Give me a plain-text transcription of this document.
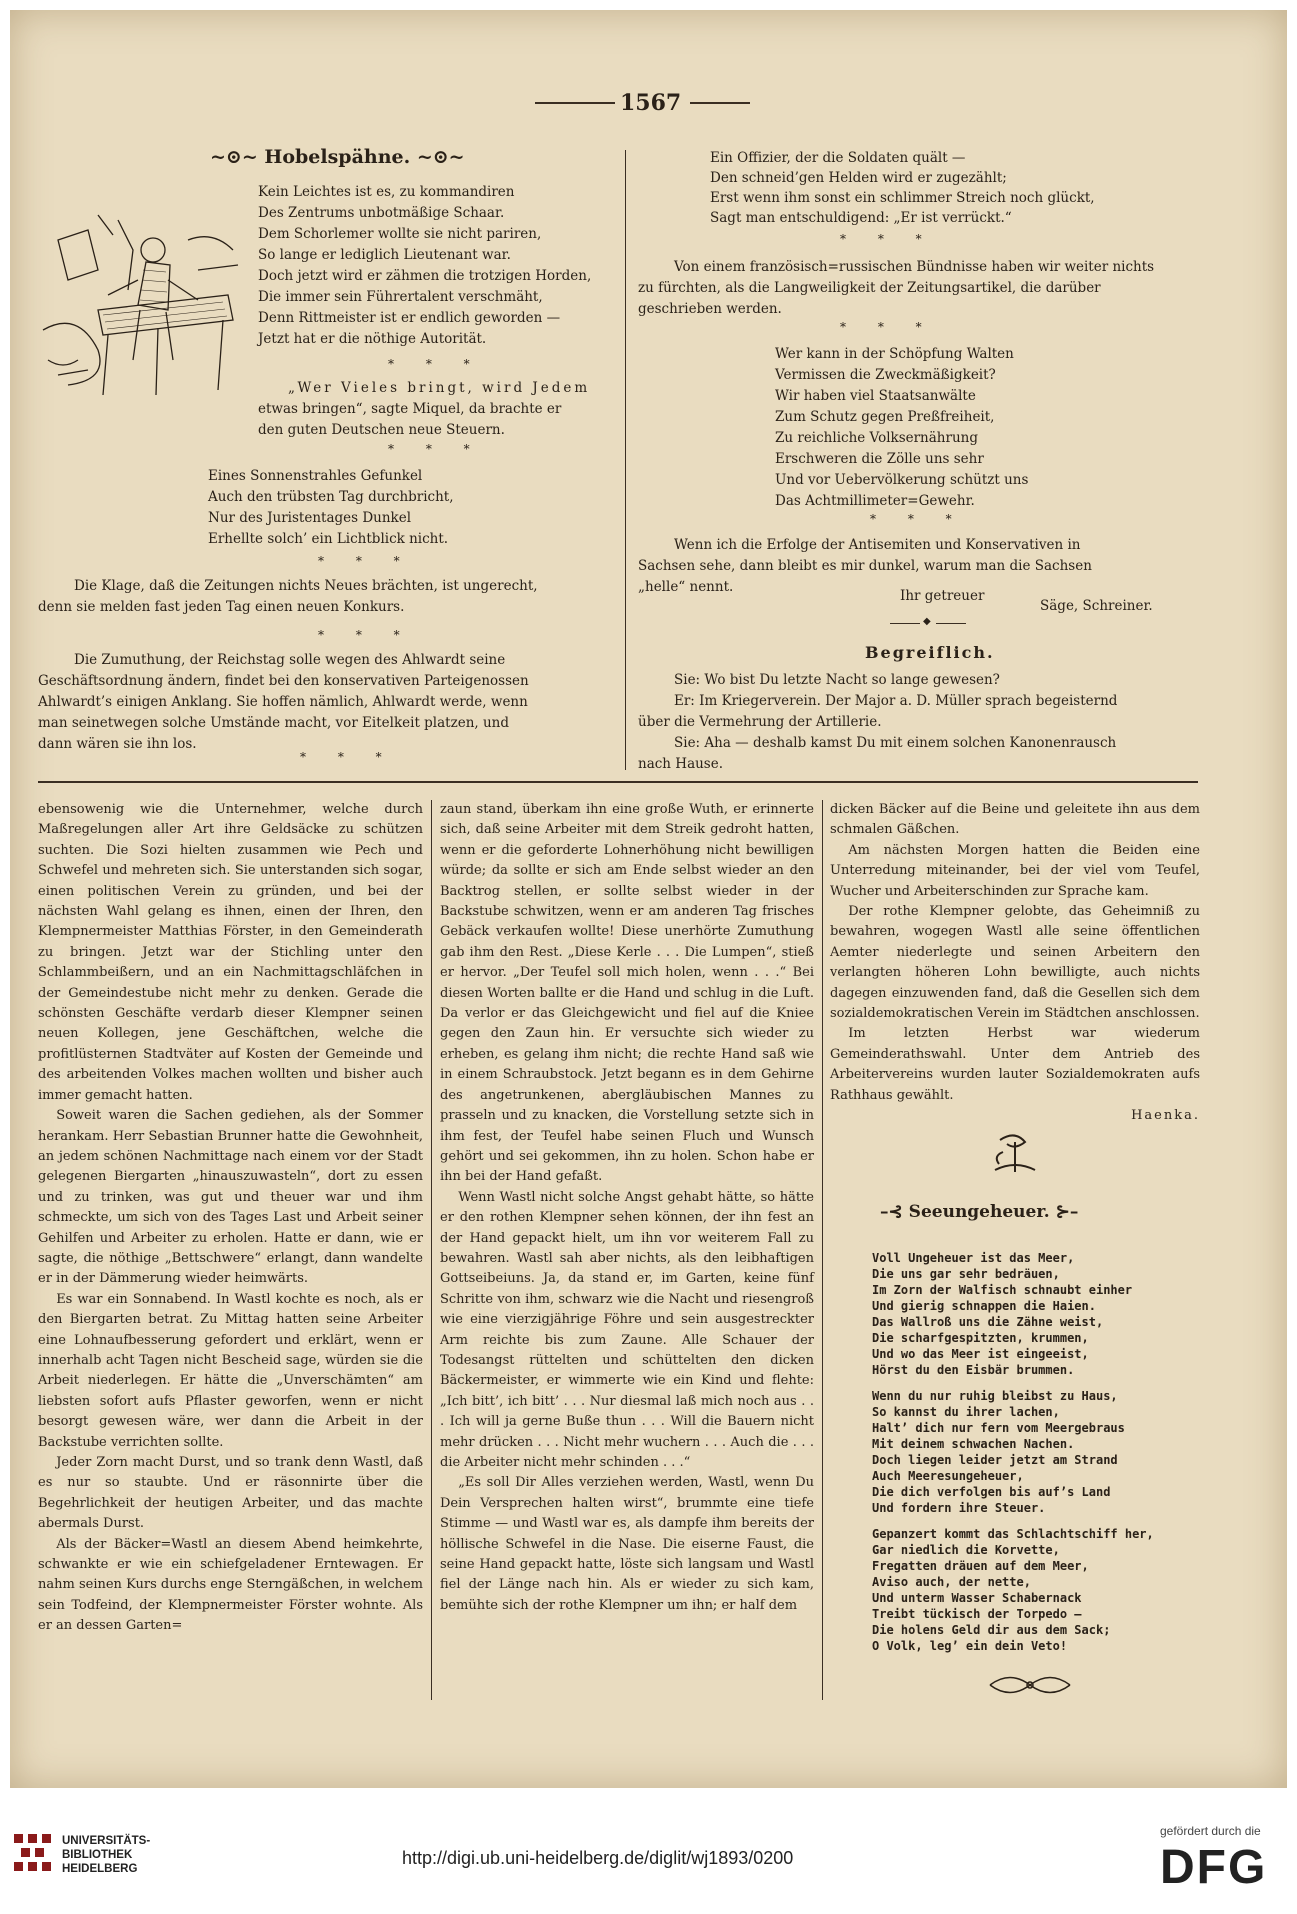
1567
~⊙~ Hobelspähne. ~⊙~
Kein Leichtes ist es, zu kommandiren
Des Zentrums unbotmäßige Schaar.
Dem Schorlemer wollte sie nicht pariren,
So lange er lediglich Lieutenant war.
Doch jetzt wird er zähmen die trotzigen Horden,
Die immer sein Führertalent verschmäht,
Denn Rittmeister ist er endlich geworden —
Jetzt hat er die nöthige Autorität.
* * *
„Wer Vieles bringt, wird Jedem
etwas bringen“, sagte Miquel, da brachte er
den guten Deutschen neue Steuern.
* * *
Eines Sonnenstrahles Gefunkel
Auch den trübsten Tag durchbricht,
Nur des Juristentages Dunkel
Erhellte solch’ ein Lichtblick nicht.
* * *
Die Klage, daß die Zeitungen nichts Neues brächten, ist ungerecht,
denn sie melden fast jeden Tag einen neuen Konkurs.
* * *
Die Zumuthung, der Reichstag solle wegen des Ahlwardt seine
Geschäftsordnung ändern, findet bei den konservativen Parteigenossen
Ahlwardt’s einigen Anklang. Sie hoffen nämlich, Ahlwardt werde, wenn
man seinetwegen solche Umstände macht, vor Eitelkeit platzen, und
dann wären sie ihn los.
* * *
Ein Offizier, der die Soldaten quält —
Den schneid’gen Helden wird er zugezählt;
Erst wenn ihm sonst ein schlimmer Streich noch glückt,
Sagt man entschuldigend: „Er ist verrückt.“
* * *
Von einem französisch=russischen Bündnisse haben wir weiter nichts
zu fürchten, als die Langweiligkeit der Zeitungsartikel, die darüber
geschrieben werden.
* * *
Wer kann in der Schöpfung Walten
Vermissen die Zweckmäßigkeit?
Wir haben viel Staatsanwälte
Zum Schutz gegen Preßfreiheit,
Zu reichliche Volksernährung
Erschweren die Zölle uns sehr
Und vor Uebervölkerung schützt uns
Das Achtmillimeter=Gewehr.
* * *
Wenn ich die Erfolge der Antisemiten und Konservativen in
Sachsen sehe, dann bleibt es mir dunkel, warum man die Sachsen
„helle“ nennt.
Ihr getreuer
Säge, Schreiner.
◆
Begreiflich.
Sie: Wo bist Du letzte Nacht so lange gewesen?
Er: Im Kriegerverein. Der Major a. D. Müller sprach begeisternd
über die Vermehrung der Artillerie.
Sie: Aha — deshalb kamst Du mit einem solchen Kanonenrausch
nach Hause.

ebensowenig wie die Unternehmer, welche durch Maßregelungen aller Art ihre Geldsäcke zu schützen suchten. Die Sozi hielten zusammen wie Pech und Schwefel und mehreten sich. Sie unterstanden sich sogar, einen politischen Verein zu gründen, und bei der nächsten Wahl gelang es ihnen, einen der Ihren, den Klempnermeister Matthias Förster, in den Gemeinderath zu bringen. Jetzt war der Stichling unter den Schlammbeißern, und an ein Nachmittagschläfchen in der Gemeindestube nicht mehr zu denken. Gerade die schönsten Geschäfte verdarb dieser Klempner seinen neuen Kollegen, jene Geschäftchen, welche die profitlüsternen Stadtväter auf Kosten der Gemeinde und des arbeitenden Volkes machen wollten und bisher auch immer gemacht hatten.

Soweit waren die Sachen gediehen, als der Sommer herankam. Herr Sebastian Brunner hatte die Gewohnheit, an jedem schönen Nachmittage nach einem vor der Stadt gelegenen Biergarten „hinauszuwasteln“, dort zu essen und zu trinken, was gut und theuer war und ihm schmeckte, um sich von des Tages Last und Arbeit seiner Gehilfen und Arbeiter zu erholen. Hatte er dann, wie er sagte, die nöthige „Bettschwere“ erlangt, dann wandelte er in der Dämmerung wieder heimwärts.

Es war ein Sonnabend. In Wastl kochte es noch, als er den Biergarten betrat. Zu Mittag hatten seine Arbeiter eine Lohnaufbesserung gefordert und erklärt, wenn er innerhalb acht Tagen nicht Bescheid sage, würden sie die Arbeit niederlegen. Er hätte die „Unverschämten“ am liebsten sofort aufs Pflaster geworfen, wenn er nicht besorgt gewesen wäre, wer dann die Arbeit in der Backstube verrichten sollte.

Jeder Zorn macht Durst, und so trank denn Wastl, daß es nur so staubte. Und er räsonnirte über die Begehrlichkeit der heutigen Arbeiter, und das machte abermals Durst.

Als der Bäcker=Wastl an diesem Abend heimkehrte, schwankte er wie ein schiefgeladener Erntewagen. Er nahm seinen Kurs durchs enge Sterngäßchen, in welchem sein Todfeind, der Klempnermeister Förster wohnte. Als er an dessen Garten=

zaun stand, überkam ihn eine große Wuth, er erinnerte sich, daß seine Arbeiter mit dem Streik gedroht hatten, wenn er die geforderte Lohnerhöhung nicht bewilligen würde; da sollte er sich am Ende selbst wieder an den Backtrog stellen, er sollte selbst wieder in der Backstube schwitzen, wenn er am anderen Tag frisches Gebäck verkaufen wollte! Diese unerhörte Zumuthung gab ihm den Rest. „Diese Kerle . . . Die Lumpen“, stieß er hervor. „Der Teufel soll mich holen, wenn . . .“ Bei diesen Worten ballte er die Hand und schlug in die Luft. Da verlor er das Gleichgewicht und fiel auf die Kniee gegen den Zaun hin. Er versuchte sich wieder zu erheben, es gelang ihm nicht; die rechte Hand saß wie in einem Schraubstock. Jetzt begann es in dem Gehirne des angetrunkenen, abergläubischen Mannes zu prasseln und zu knacken, die Vorstellung setzte sich in ihm fest, der Teufel habe seinen Fluch und Wunsch gehört und sei gekommen, ihn zu holen. Schon habe er ihn bei der Hand gefaßt.

Wenn Wastl nicht solche Angst gehabt hätte, so hätte er den rothen Klempner sehen können, der ihn fest an der Hand gepackt hielt, um ihn vor weiterem Fall zu bewahren. Wastl sah aber nichts, als den leibhaftigen Gottseibeiuns. Ja, da stand er, im Garten, keine fünf Schritte von ihm, schwarz wie die Nacht und riesengroß wie eine vierzigjährige Föhre und sein ausgestreckter Arm reichte bis zum Zaune. Alle Schauer der Todesangst rüttelten und schüttelten den dicken Bäckermeister, er wimmerte wie ein Kind und flehte: „Ich bitt’, ich bitt’ . . . Nur diesmal laß mich noch aus . . . Ich will ja gerne Buße thun . . . Will die Bauern nicht mehr drücken . . . Nicht mehr wuchern . . . Auch die . . . die Arbeiter nicht mehr schinden . . .“

„Es soll Dir Alles verziehen werden, Wastl, wenn Du Dein Versprechen halten wirst“, brummte eine tiefe Stimme — und Wastl war es, als dampfe ihm bereits der höllische Schwefel in die Nase. Die eiserne Faust, die seine Hand gepackt hatte, löste sich langsam und Wastl fiel der Länge nach hin. Als er wieder zu sich kam, bemühte sich der rothe Klempner um ihn; er half dem

dicken Bäcker auf die Beine und geleitete ihn aus dem schmalen Gäßchen.

Am nächsten Morgen hatten die Beiden eine Unterredung miteinander, bei der viel vom Teufel, Wucher und Arbeiterschinden zur Sprache kam.

Der rothe Klempner gelobte, das Geheimniß zu bewahren, wogegen Wastl alle seine öffentlichen Aemter niederlegte und seinen Arbeitern den verlangten höheren Lohn bewilligte, auch nichts dagegen einzuwenden fand, daß die Gesellen sich dem sozialdemokratischen Verein im Städtchen anschlossen.

Im letzten Herbst war wiederum Gemeinderathswahl. Unter dem Antrieb des Arbeitervereins wurden lauter Sozialdemokraten aufs Rathhaus gewählt.

Haenka.
–⊰ Seeungeheuer. ⊱–
Voll Ungeheuer ist das Meer,
Die uns gar sehr bedräuen,
Im Zorn der Walfisch schnaubt einher
Und gierig schnappen die Haien.
Das Wallroß uns die Zähne weist,
Die scharfgespitzten, krummen,
Und wo das Meer ist eingeeist,
Hörst du den Eisbär brummen.
Wenn du nur ruhig bleibst zu Haus,
So kannst du ihrer lachen,
Halt’ dich nur fern vom Meergebraus
Mit deinem schwachen Nachen.
Doch liegen leider jetzt am Strand
Auch Meeresungeheuer,
Die dich verfolgen bis auf’s Land
Und fordern ihre Steuer.
Gepanzert kommt das Schlachtschiff her,
Gar niedlich die Korvette,
Fregatten dräuen auf dem Meer,
Aviso auch, der nette,
Und unterm Wasser Schabernack
Treibt tückisch der Torpedo —
Die holens Geld dir aus dem Sack;
O Volk, leg’ ein dein Veto!
UNIVERSITÄTS-
BIBLIOTHEK
HEIDELBERG
http://digi.ub.uni-heidelberg.de/diglit/wj1893/0200
gefördert durch die
DFG
